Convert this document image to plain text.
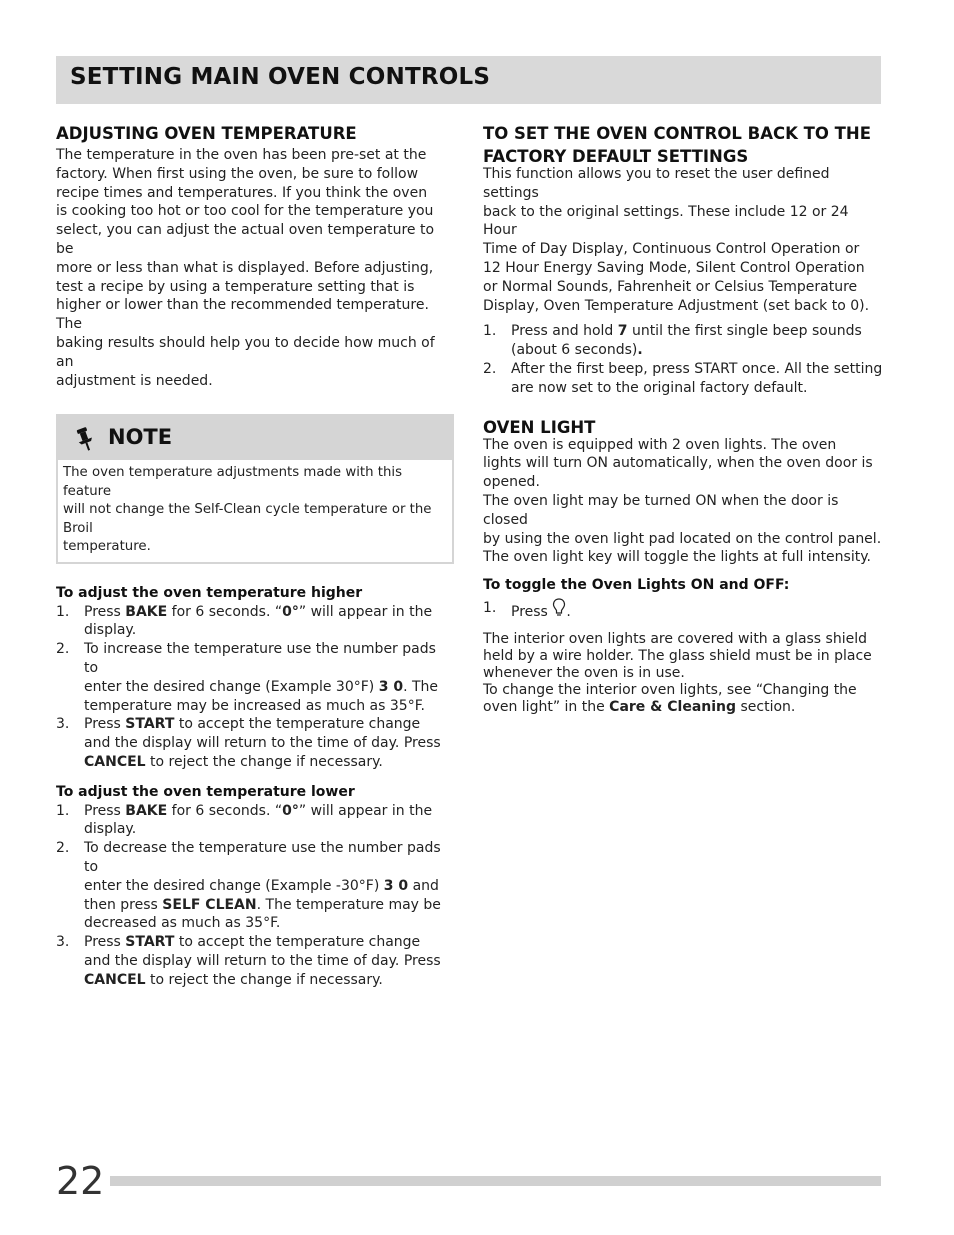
SETTING MAIN OVEN CONTROLS
ADJUSTING OVEN TEMPERATURE

The temperature in the oven has been pre-set at the

factory. When first using the oven, be sure to follow

recipe times and temperatures. If you think the oven

is cooking too hot or too cool for the temperature you

select, you can adjust the actual oven temperature to be

more or less than what is displayed. Before adjusting,

test a recipe by using a temperature setting that is

higher or lower than the recommended temperature. The

baking results should help you to decide how much of an

adjustment is needed.

NOTE
The oven temperature adjustments made with this feature
will not change the Self-Clean cycle temperature or the Broil
temperature.
To adjust the oven temperature higher
1. Press BAKE for 6 seconds. “0°” will appear in the
display.
2. To increase the temperature use the number pads to
enter the desired change (Example 30°F) 3 0. The
temperature may be increased as much as 35°F.
3. Press START to accept the temperature change
and the display will return to the time of day. Press
CANCEL to reject the change if necessary.
To adjust the oven temperature lower
1. Press BAKE for 6 seconds. “0°” will appear in the
display.
2. To decrease the temperature use the number pads to
enter the desired change (Example -30°F) 3 0 and
then press SELF CLEAN. The temperature may be
decreased as much as 35°F.
3. Press START to accept the temperature change
and the display will return to the time of day. Press
CANCEL to reject the change if necessary.
TO SET THE OVEN CONTROL BACK TO THE
FACTORY DEFAULT SETTINGS

This function allows you to reset the user defined settings

back to the original settings. These include 12 or 24 Hour

Time of Day Display, Continuous Control Operation or

12 Hour Energy Saving Mode, Silent Control Operation

or Normal Sounds, Fahrenheit or Celsius Temperature

Display, Oven Temperature Adjustment (set back to 0).

1. Press and hold 7 until the first single beep sounds
(about 6 seconds).
2. After the first beep, press START once. All the setting
are now set to the original factory default.
OVEN LIGHT

The oven is equipped with 2 oven lights. The oven

lights will turn ON automatically, when the oven door is

opened.

The oven light may be turned ON when the door is closed

by using the oven light pad located on the control panel.

The oven light key will toggle the lights at full intensity.

To toggle the Oven Lights ON and OFF:
1. Press .

The interior oven lights are covered with a glass shield

held by a wire holder. The glass shield must be in place

whenever the oven is in use.

To change the interior oven lights, see “Changing the

oven light” in the Care & Cleaning section.

22
